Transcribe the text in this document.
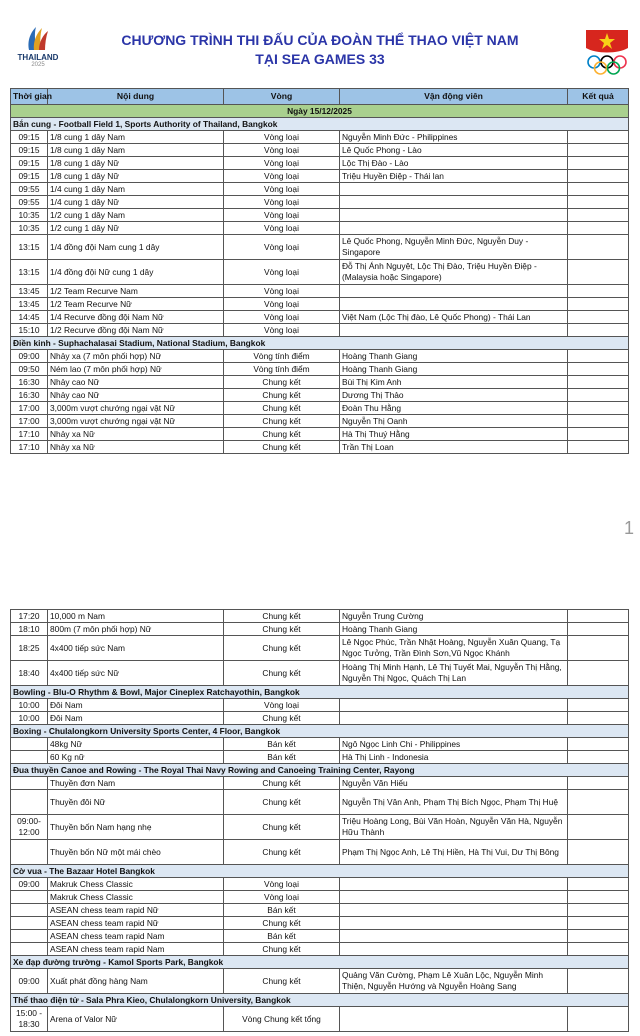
THAILAND
2025
CHƯƠNG TRÌNH THI ĐẤU CỦA ĐOÀN THỂ THAO VIỆT NAM
TẠI SEA GAMES 33
Thời gian	Nội dung	Vòng	Vận động viên	Kết quả
Ngày 15/12/2025				
Bắn cung - Football Field 1, Sports Authority of Thailand, Bangkok				
09:15	1/8 cung 1 dây Nam	Vòng loại	Nguyễn Minh Đức - Philippines	
09:15	1/8 cung 1 dây Nam	Vòng loại	Lê Quốc Phong - Lào	
09:15	1/8 cung 1 dây Nữ	Vòng loại	Lộc Thị Đào - Lào	
09:15	1/8 cung 1 dây Nữ	Vòng loại	Triệu Huyền Điệp - Thái lan	
09:55	1/4 cung 1 dây Nam	Vòng loại		
09:55	1/4 cung 1 dây Nữ	Vòng loại		
10:35	1/2 cung 1 dây Nam	Vòng loại		
10:35	1/2 cung 1 dây Nữ	Vòng loại		
13:15	1/4 đồng đội Nam cung 1 dây	Vòng loại	Lê Quốc Phong, Nguyễn Minh Đức, Nguyễn Duy - Singapore	
13:15	1/4 đồng đội Nữ cung 1 dây	Vòng loại	Đỗ Thị Ánh Nguyệt, Lộc Thị Đào, Triệu Huyền Điệp - (Malaysia hoặc Singapore)	
13:45	1/2 Team Recurve Nam	Vòng loại		
13:45	1/2 Team Recurve Nữ	Vòng loại		
14:45	1/4 Recurve đồng đội Nam Nữ	Vòng loại	Việt Nam (Lộc Thị đào, Lê Quốc Phong) - Thái Lan	
15:10	1/2 Recurve đồng đội Nam Nữ	Vòng loại		
Điền kinh - Suphachalasai Stadium, National Stadium, Bangkok				
09:00	Nhảy xa (7 môn phối hợp) Nữ	Vòng tính điểm	Hoàng Thanh Giang	
09:50	Ném lao (7 môn phối hợp) Nữ	Vòng tính điểm	Hoàng Thanh Giang	
16:30	Nhảy cao Nữ	Chung kết	Bùi Thị Kim Anh	
16:30	Nhảy cao Nữ	Chung kết	Dương Thị Thảo	
17:00	3,000m vượt chướng ngại vật Nữ	Chung kết	Đoàn Thu Hằng	
17:00	3,000m vượt chướng ngại vật Nữ	Chung kết	Nguyễn Thị Oanh	
17:10	Nhảy xa Nữ	Chung kết	Hà Thị Thuý Hằng	
17:10	Nhảy xa Nữ	Chung kết	Trần Thị Loan	
1
17:20	10,000 m Nam	Chung kết	Nguyễn Trung Cường	
18:10	800m (7 môn phối hợp) Nữ	Chung kết	Hoàng Thanh Giang	
18:25	4x400 tiếp sức Nam	Chung kết	Lê Ngọc Phúc, Trần Nhật Hoàng, Nguyễn Xuân Quang, Tạ Ngọc Tưởng, Trần Đình Sơn,Vũ Ngọc Khánh	
18:40	4x400 tiếp sức Nữ	Chung kết	Hoàng Thị Minh Hạnh, Lê Thị Tuyết Mai, Nguyễn Thị Hằng, Nguyễn Thị Ngọc, Quách Thị Lan	
Bowling - Blu-O Rhythm & Bowl, Major Cineplex Ratchayothin, Bangkok				
10:00	Đôi Nam	Vòng loại		
10:00	Đôi Nam	Chung kết		
Boxing - Chulalongkorn University Sports Center, 4 Floor, Bangkok				
	48kg Nữ	Bán kết	Ngô Ngọc Linh Chi - Philippines	
	60 Kg nữ	Bán kết	Hà Thị Linh - Indonesia	
Đua thuyền Canoe and Rowing - The Royal Thai Navy Rowing and Canoeing Training Center, Rayong				
	Thuyền đơn Nam	Chung kết	Nguyễn Văn Hiếu	
	Thuyền đôi Nữ	Chung kết	Nguyễn Thị Vân Anh, Phạm Thị Bích Ngọc, Phạm Thị Huệ	
09:00-12:00	Thuyền bốn Nam hạng nhẹ	Chung kết	Triệu Hoàng Long, Bùi Văn Hoàn, Nguyễn Văn Hà, Nguyễn Hữu Thành	
	Thuyền bốn Nữ một mái chèo	Chung kết	Phạm Thị Ngọc Anh, Lê Thị Hiền, Hà Thị Vui, Dư Thị Bông	
Cờ vua - The Bazaar Hotel Bangkok				
09:00	Makruk Chess Classic	Vòng loại		
	Makruk Chess Classic	Vòng loại		
	ASEAN chess team rapid Nữ	Bán kết		
	ASEAN chess team rapid Nữ	Chung kết		
	ASEAN chess team rapid Nam	Bán kết		
	ASEAN chess team rapid Nam	Chung kết		
Xe đạp đường trường - Kamol Sports Park, Bangkok				
09:00	Xuất phát đồng hàng Nam	Chung kết	Quảng Văn Cường, Phạm Lê Xuân Lộc, Nguyễn Minh Thiện, Nguyễn Hướng và Nguyễn Hoàng Sang	
Thể thao điện tử - Sala Phra Kieo, Chulalongkorn University, Bangkok				
15:00 - 18:30	Arena of Valor Nữ	Vòng Chung kết tổng		
